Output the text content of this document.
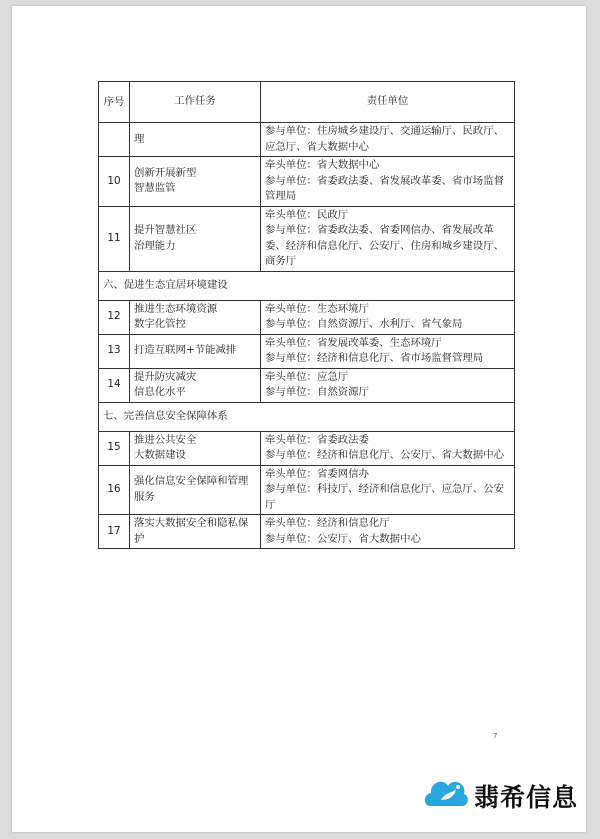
序号	工作任务	责任单位

	理	参与单位：住房城乡建设厅、交通运输厅、民政厅、应急厅、省大数据中心

10	创新开展新型
智慧监管	牵头单位：省大数据中心
参与单位：省委政法委、省发展改革委、省市场监督管理局

11	提升智慧社区
治理能力	牵头单位：民政厅
参与单位：省委政法委、省委网信办、省发展改革委、经济和信息化厅、公安厅、住房和城乡建设厅、商务厅

六、促进生态宜居环境建设		
12	推进生态环境资源
数字化管控	牵头单位：生态环境厅
参与单位：自然资源厅、水利厅、省气象局

13	打造互联网+节能减排	牵头单位：省发展改革委、生态环境厅
参与单位：经济和信息化厅、省市场监督管理局

14	提升防灾减灾
信息化水平	牵头单位：应急厅
参与单位：自然资源厅

七、完善信息安全保障体系		
15	推进公共安全
大数据建设	牵头单位：省委政法委
参与单位：经济和信息化厅、公安厅、省大数据中心

16	强化信息安全保障和管理服务	牵头单位：省委网信办
参与单位：科技厅、经济和信息化厅、应急厅、公安厅

17	落实大数据安全和隐私保护	牵头单位：经济和信息化厅
参与单位：公安厅、省大数据中心
7
翡希信息
